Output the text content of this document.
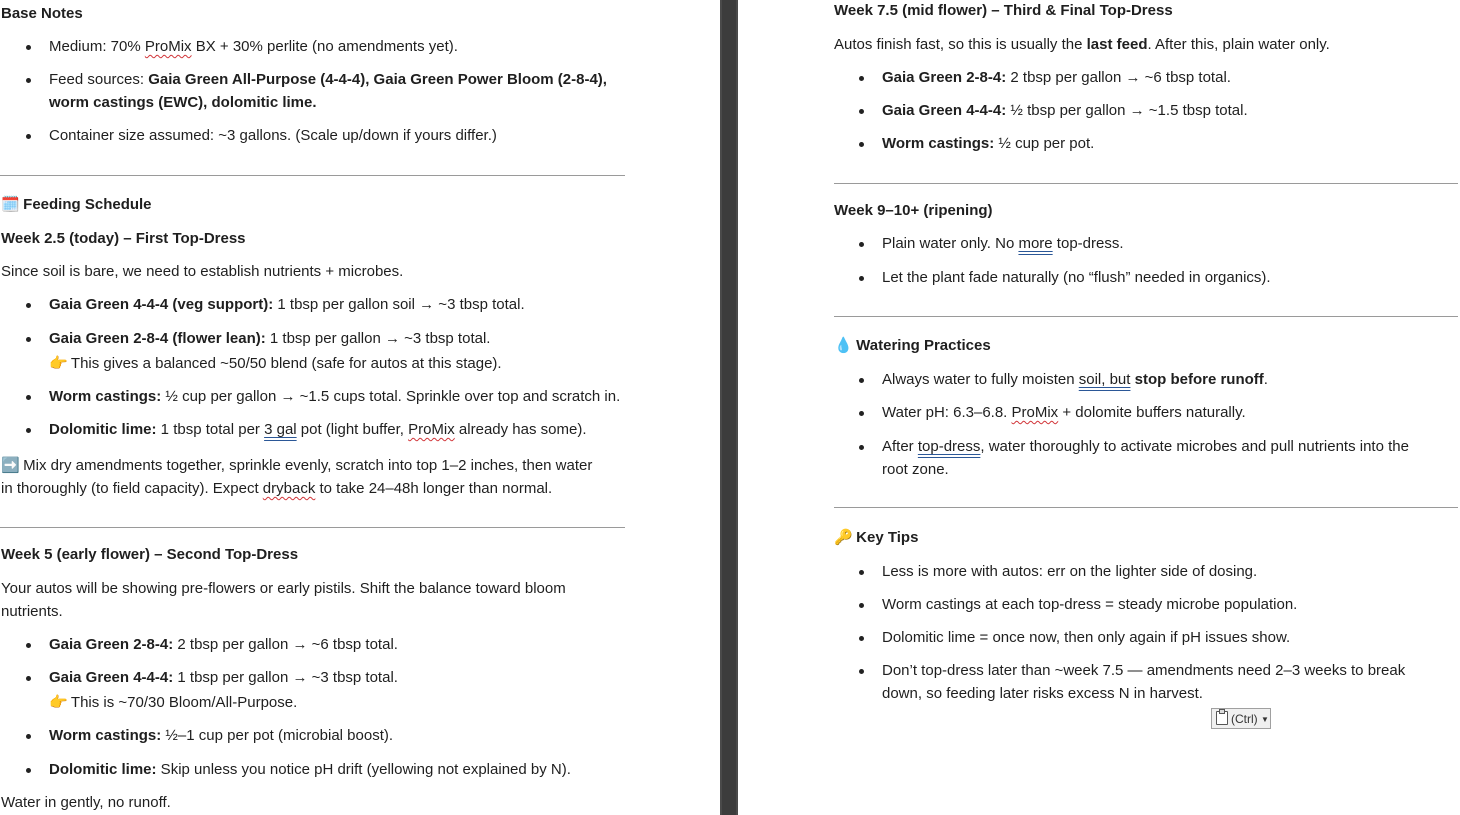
Base Notes
Medium: 70% ProMix BX + 30% perlite (no amendments yet).
Feed sources: Gaia Green All-Purpose (4-4-4), Gaia Green Power Bloom (2-8-4),
worm castings (EWC), dolomitic lime.
Container size assumed: ~3 gallons. (Scale up/down if yours differ.)
🗓️ Feeding Schedule
Week 2.5 (today) – First Top-Dress
Since soil is bare, we need to establish nutrients + microbes.
Gaia Green 4-4-4 (veg support): 1 tbsp per gallon soil → ~3 tbsp total.
Gaia Green 2-8-4 (flower lean): 1 tbsp per gallon → ~3 tbsp total.
👉 This gives a balanced ~50/50 blend (safe for autos at this stage).
Worm castings: ½ cup per gallon → ~1.5 cups total. Sprinkle over top and scratch in.
Dolomitic lime: 1 tbsp total per 3 gal pot (light buffer, ProMix already has some).
➡️ Mix dry amendments together, sprinkle evenly, scratch into top 1–2 inches, then water
in thoroughly (to field capacity). Expect dryback to take 24–48h longer than normal.
Week 5 (early flower) – Second Top-Dress
Your autos will be showing pre-flowers or early pistils. Shift the balance toward bloom
nutrients.
Gaia Green 2-8-4: 2 tbsp per gallon → ~6 tbsp total.
Gaia Green 4-4-4: 1 tbsp per gallon → ~3 tbsp total.
👉 This is ~70/30 Bloom/All-Purpose.
Worm castings: ½–1 cup per pot (microbial boost).
Dolomitic lime: Skip unless you notice pH drift (yellowing not explained by N).
Water in gently, no runoff.
Week 7.5 (mid flower) – Third & Final Top-Dress
Autos finish fast, so this is usually the last feed. After this, plain water only.
Gaia Green 2-8-4: 2 tbsp per gallon → ~6 tbsp total.
Gaia Green 4-4-4: ½ tbsp per gallon → ~1.5 tbsp total.
Worm castings: ½ cup per pot.
Week 9–10+ (ripening)
Plain water only. No more top-dress.
Let the plant fade naturally (no “flush” needed in organics).
💧 Watering Practices
Always water to fully moisten soil, but stop before runoff.
Water pH: 6.3–6.8. ProMix + dolomite buffers naturally.
After top-dress, water thoroughly to activate microbes and pull nutrients into the
root zone.
🔑 Key Tips
Less is more with autos: err on the lighter side of dosing.
Worm castings at each top-dress = steady microbe population.
Dolomitic lime = once now, then only again if pH issues show.
Don’t top-dress later than ~week 7.5 — amendments need 2–3 weeks to break
down, so feeding later risks excess N in harvest.
(Ctrl) ▼
